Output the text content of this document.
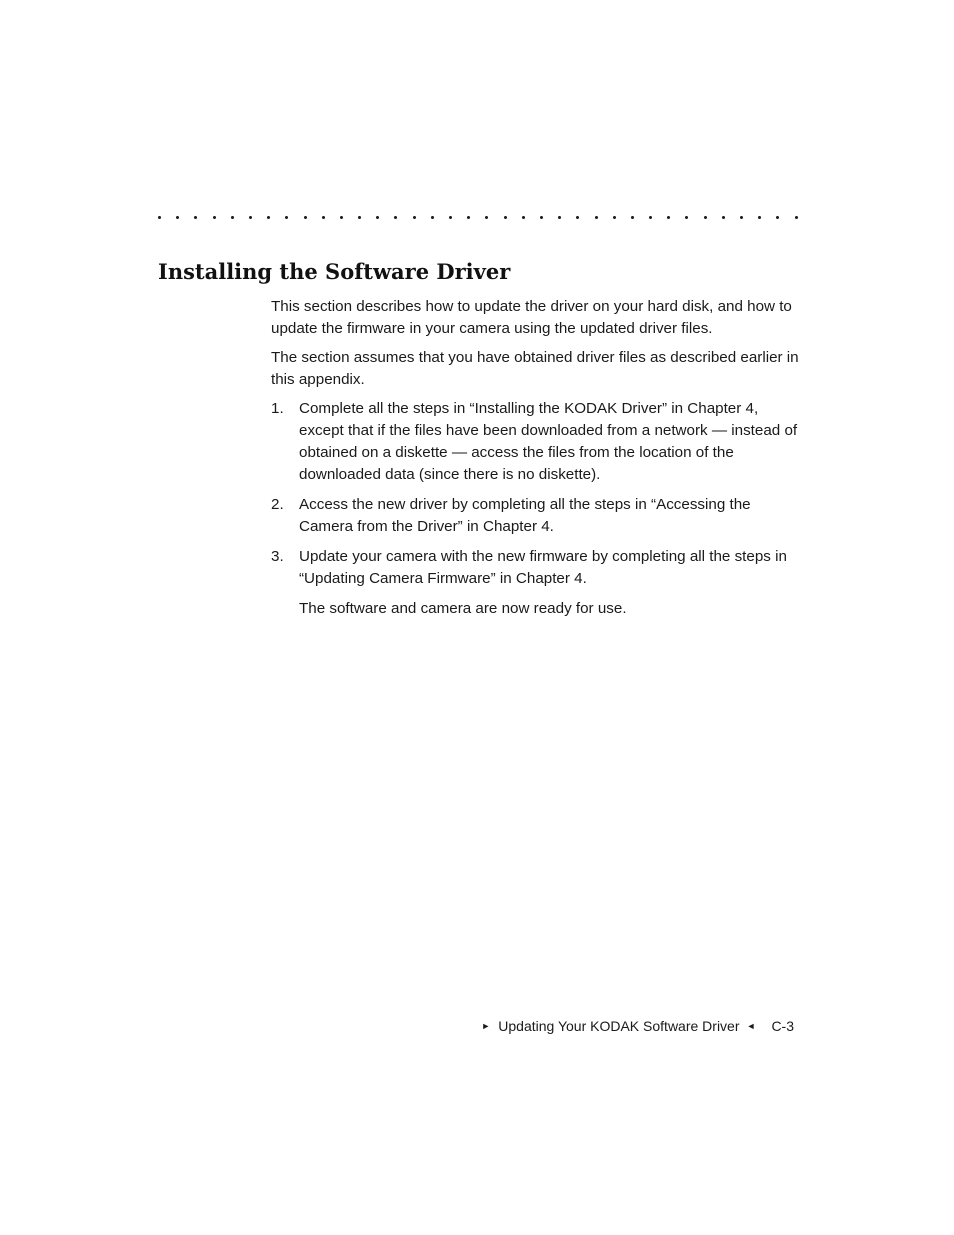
Installing the Software Driver

This section describes how to update the driver on your hard disk, and how to update the firmware in your camera using the updated driver files.

The section assumes that you have obtained driver files as described earlier in this appendix.

1.	Complete all the steps in “Installing the KODAK Driver” in Chapter 4, except that if the files have been downloaded from a network — instead of obtained on a diskette — access the files from the location of the downloaded data (since there is no diskette).
2.	Access the new driver by completing all the steps in “Accessing the Camera from the Driver” in Chapter 4.
3.	Update your camera with the new firmware by completing all the steps in “Updating Camera Firmware” in Chapter 4.

The software and camera are now ready for use.

► Updating Your KODAK Software Driver ◄ C-3
